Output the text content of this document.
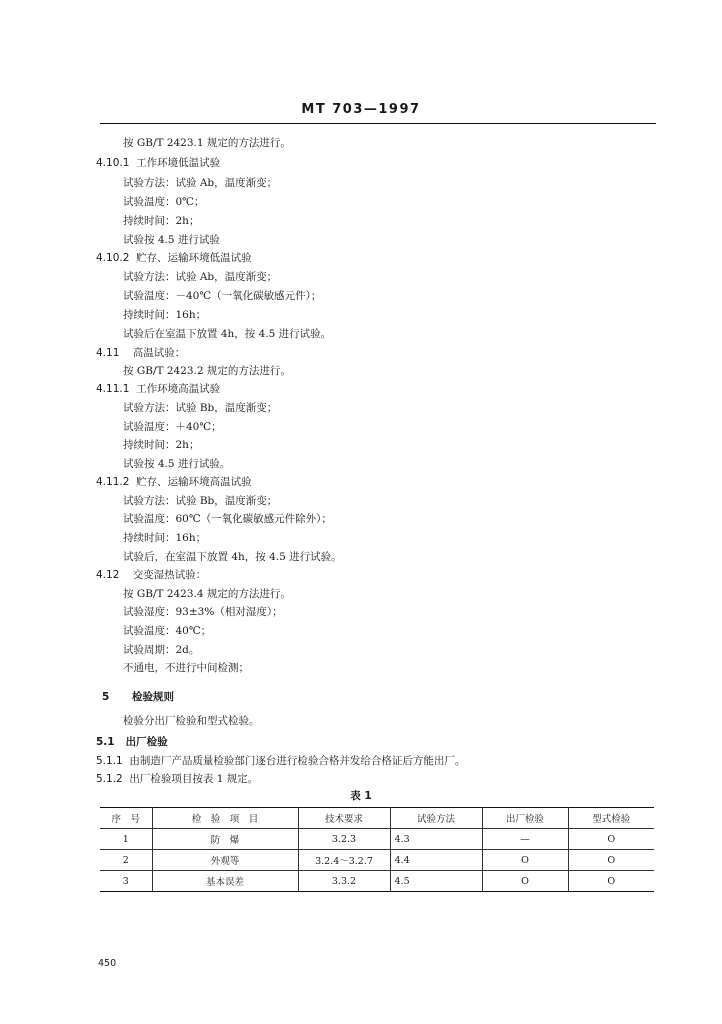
MT 703—1997
按 GB/T 2423.1 规定的方法进行。
4.10.1 工作环境低温试验
试验方法：试验 Ab，温度渐变；
试验温度：0℃；
持续时间：2h；
试验按 4.5 进行试验
4.10.2 贮存、运输环境低温试验
试验方法：试验 Ab，温度渐变；
试验温度：－40℃（一氧化碳敏感元件）；
持续时间：16h；
试验后在室温下放置 4h，按 4.5 进行试验。
4.11 高温试验：
按 GB/T 2423.2 规定的方法进行。
4.11.1 工作环境高温试验
试验方法：试验 Bb，温度渐变；
试验温度：＋40℃；
持续时间：2h；
试验按 4.5 进行试验。
4.11.2 贮存、运输环境高温试验
试验方法：试验 Bb，温度渐变；
试验温度：60℃（一氧化碳敏感元件除外）；
持续时间：16h；
试验后，在室温下放置 4h，按 4.5 进行试验。
4.12 交变湿热试验：
按 GB/T 2423.4 规定的方法进行。
试验湿度：93±3%（相对湿度）；
试验温度：40℃；
试验周期：2d。
不通电，不进行中间检测；
5 检验规则
检验分出厂检验和型式检验。
5.1 出厂检验
5.1.1 由制造厂产品质量检验部门逐台进行检验合格并发给合格证后方能出厂。
5.1.2 出厂检验项目按表 1 规定。
表 1
序　号	检　验　项　目	技术要求	试验方法	出厂检验	型式检验
1	防　爆	3.2.3	4.3	—	O
2	外观等	3.2.4～3.2.7	4.4	O	O
3	基本误差	3.3.2	4.5	O	O
450
